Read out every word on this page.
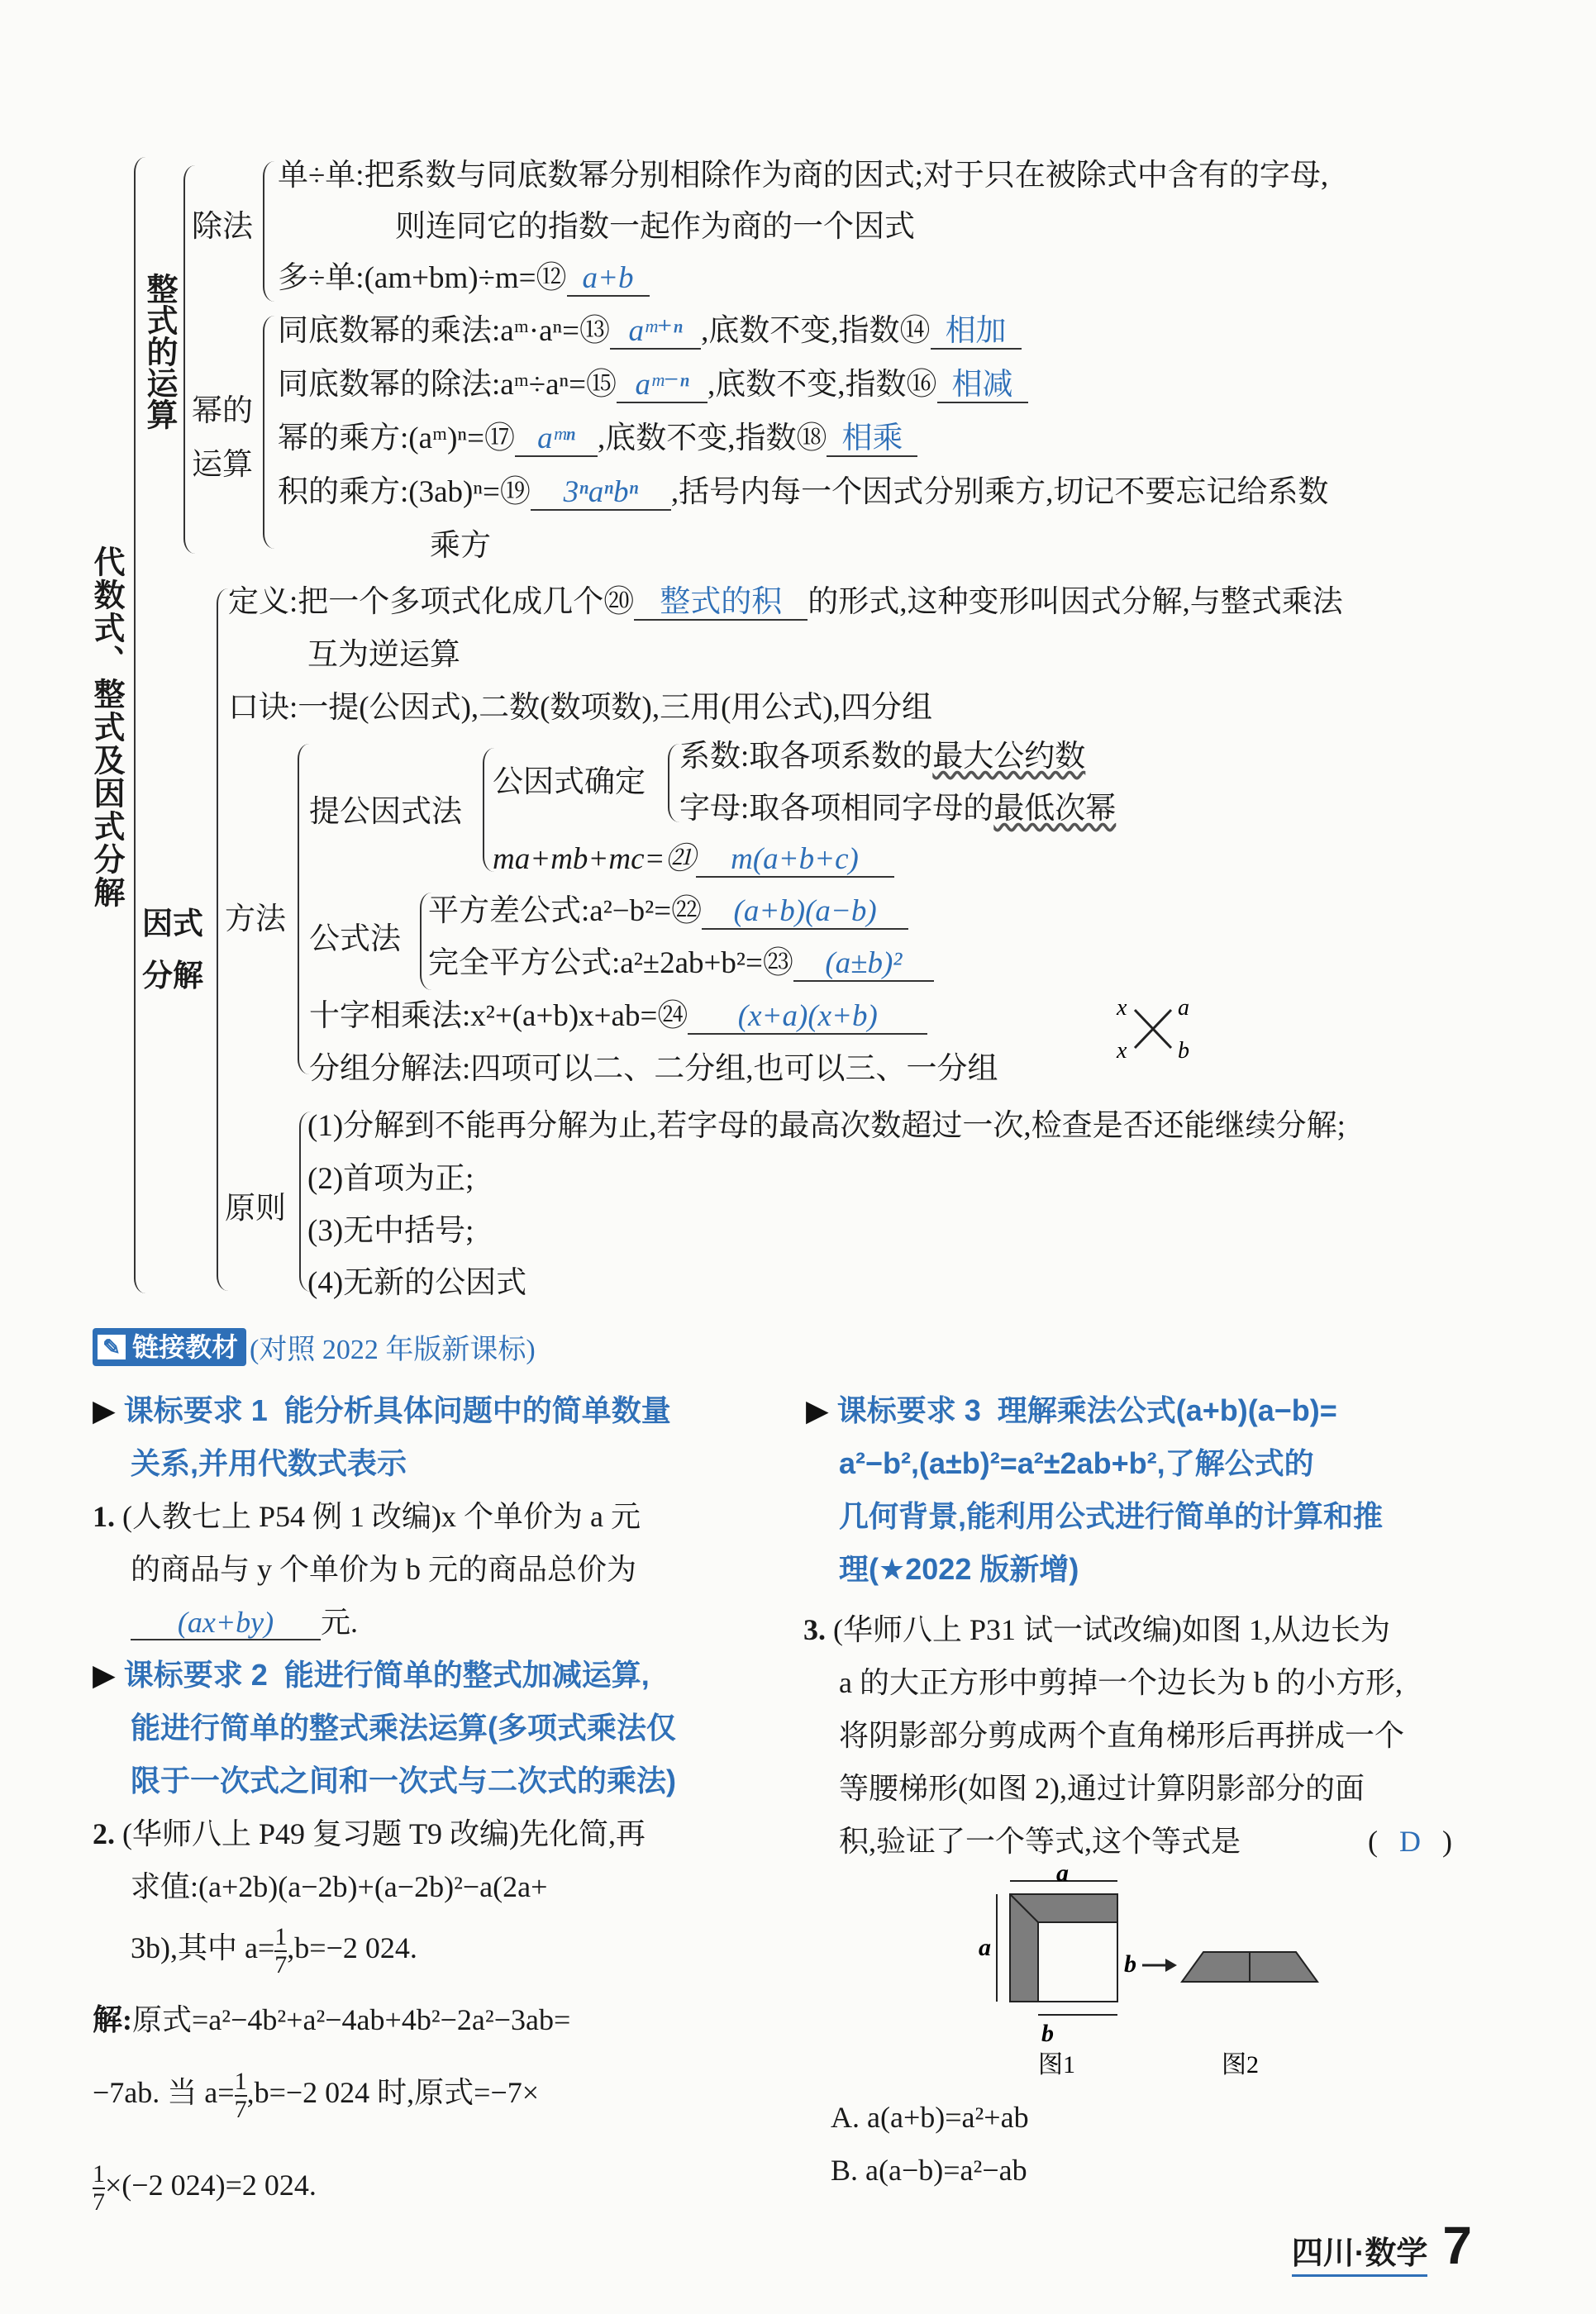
代数式、整式及因式分解
整式的运算
除法
单÷单:把系数与同底数幂分别相除作为商的因式;对于只在被除式中含有的字母,
则连同它的指数一起作为商的一个因式
多÷单:(am+bm)÷m=⑫ a+b
幂的
运算
同底数幂的乘法:aᵐ·aⁿ=⑬ aᵐ⁺ⁿ ,底数不变,指数⑭ 相加
同底数幂的除法:aᵐ÷aⁿ=⑮ aᵐ⁻ⁿ ,底数不变,指数⑯ 相减
幂的乘方:(aᵐ)ⁿ=⑰ aᵐⁿ ,底数不变,指数⑱ 相乘
积的乘方:(3ab)ⁿ=⑲ 3ⁿaⁿbⁿ ,括号内每一个因式分别乘方,切记不要忘记给系数
乘方
因式
分解
定义:把一个多项式化成几个⑳ 整式的积 的形式,这种变形叫因式分解,与整式乘法
互为逆运算
口诀:一提(公因式),二数(数项数),三用(用公式),四分组
方法
提公因式法
公因式确定
系数:取各项系数的最大公约数
字母:取各项相同字母的最低次幂
ma+mb+mc=㉑ m(a+b+c)
公式法
平方差公式:a²−b²=㉒ (a+b)(a−b)
完全平方公式:a²±2ab+b²=㉓ (a±b)²
十字相乘法:x²+(a+b)x+ab=㉔ (x+a)(x+b)	x
x
a
b
分组分解法:四项可以二、二分组,也可以三、一分组
原则
(1)分解到不能再分解为止,若字母的最高次数超过一次,检查是否还能继续分解;
(2)首项为正;
(3)无中括号;
(4)无新的公因式
✎ 链接教材 (对照 2022 年版新课标)
▶ 课标要求 1 能分析具体问题中的简单数量
关系,并用代数式表示
1. (人教七上 P54 例 1 改编)x 个单价为 a 元
的商品与 y 个单价为 b 元的商品总价为
(ax+by) 元.
▶ 课标要求 2 能进行简单的整式加减运算,
能进行简单的整式乘法运算(多项式乘法仅
限于一次式之间和一次式与二次式的乘法)
2. (华师八上 P49 复习题 T9 改编)先化简,再
求值:(a+2b)(a−2b)+(a−2b)²−a(2a+
3b),其中 $a= \frac{1}{7} ,b=-2$ 024.
解:原式=a²−4b²+a²−4ab+4b²−2a²−3ab=
−7ab. 当 $a= \frac{1}{7} ,b=-2$ 024 时,原式=−7×
$\frac{1}{7} \times(-2$ 024)=2 024.
▶ 课标要求 3 理解乘法公式(a+b)(a−b)=
a²−b²,(a±b)²=a²±2ab+b²,了解公式的
几何背景,能利用公式进行简单的计算和推
理(★2022 版新增)
3. (华师八上 P31 试一试改编)如图 1,从边长为
a 的大正方形中剪掉一个边长为 b 的小方形,
将阴影部分剪成两个直角梯形后再拼成一个
等腰梯形(如图 2),通过计算阴影部分的面
积,验证了一个等式,这个等式是	( D )
a
a
b
b
图1	图2
A. a(a+b)=a²+ab
B. a(a−b)=a²−ab
四川·数学 7
